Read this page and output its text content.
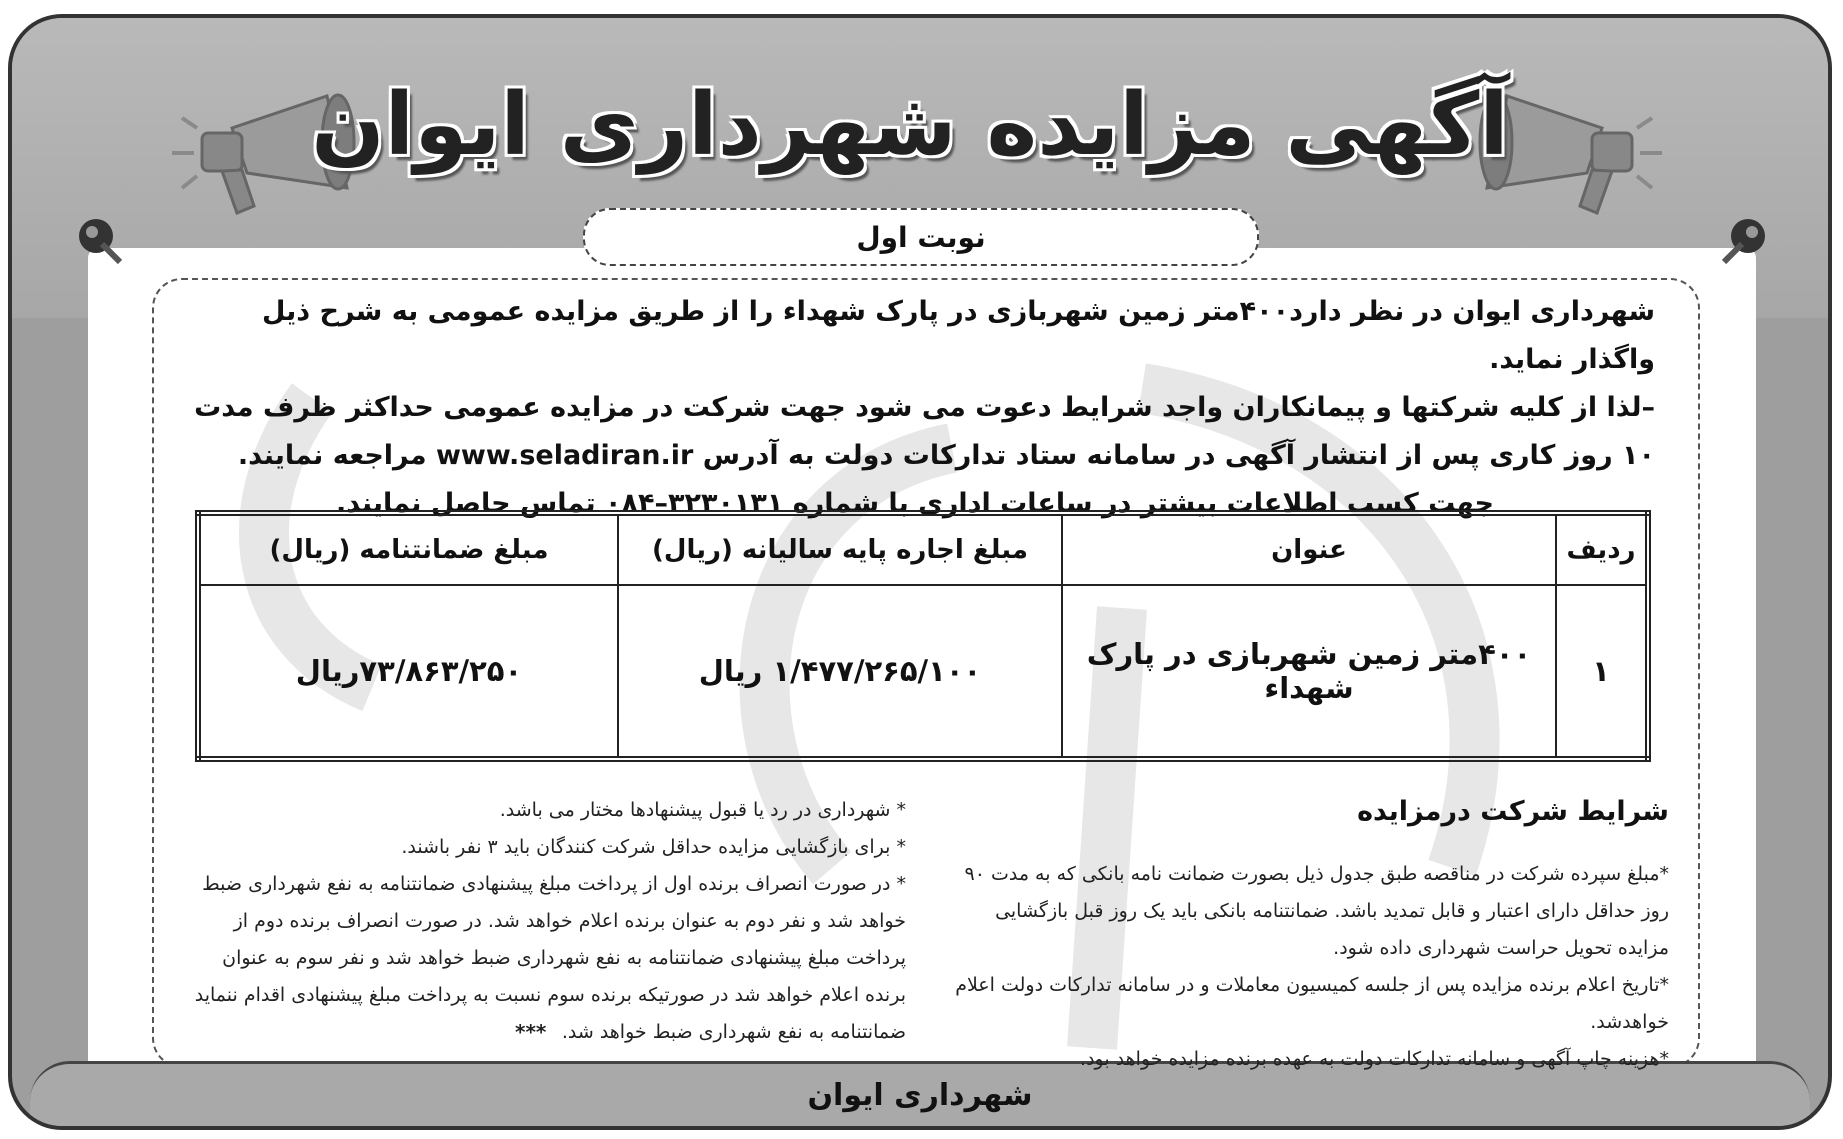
شهرداری ایوان
آگهی مزایده شهرداری ایوان
نوبت اول

شهرداری ایوان در نظر دارد۴۰۰متر زمین شهربازی در پارک شهداء را از طریق مزایده عمومی به شرح ذیل واگذار نماید.

–لذا از کلیه شرکتها و پیمانکاران واجد شرایط دعوت می شود جهت شرکت در مزایده عمومی حداکثر ظرف مدت ۱۰ روز کاری پس از انتشار آگهی در سامانه ستاد تدارکات دولت به آدرس www.seladiran.ir مراجعه نمایند.

جهت کسب اطلاعات بیشتر در ساعات اداری با شماره ۳۲۳۰۱۳۱–۰۸۴ تماس حاصل نمایند.

ردیف	عنوان	مبلغ اجاره پایه سالیانه (ریال)	مبلغ ضمانتنامه (ریال)
۱	۴۰۰متر زمین شهربازی در پارک شهداء	۱/۴۷۷/۲۶۵/۱۰۰ ریال	۷۳/۸۶۳/۲۵۰ریال
شرایط شرکت درمزایده

*مبلغ سپرده شرکت در مناقصه طبق جدول ذیل بصورت ضمانت نامه بانکی که به مدت ۹۰ روز حداقل دارای اعتبار و قابل تمدید باشد. ضمانتنامه بانکی باید یک روز قبل بازگشایی مزایده تحویل حراست شهرداری داده شود.

*تاریخ اعلام برنده مزایده پس از جلسه کمیسیون معاملات و در سامانه تدارکات دولت اعلام خواهدشد.

*هزینه چاپ آگهی و سامانه تدارکات دولت به عهده برنده مزایده خواهد بود.

* شهرداری در رد یا قبول پیشنهادها مختار می باشد.

* برای بازگشایی مزایده حداقل شرکت کنندگان باید ۳ نفر باشند.

* در صورت انصراف برنده اول از پرداخت مبلغ پیشنهادی ضمانتنامه به نفع شهرداری ضبط خواهد شد و نفر دوم به عنوان برنده اعلام خواهد شد. در صورت انصراف برنده دوم از پرداخت مبلغ پیشنهادی ضمانتنامه به نفع شهرداری ضبط خواهد شد و نفر سوم به عنوان برنده اعلام خواهد شد در صورتیکه برنده سوم نسبت به پرداخت مبلغ پیشنهادی اقدام ننماید ضمانتنامه به نفع شهرداری ضبط خواهد شد.

***
